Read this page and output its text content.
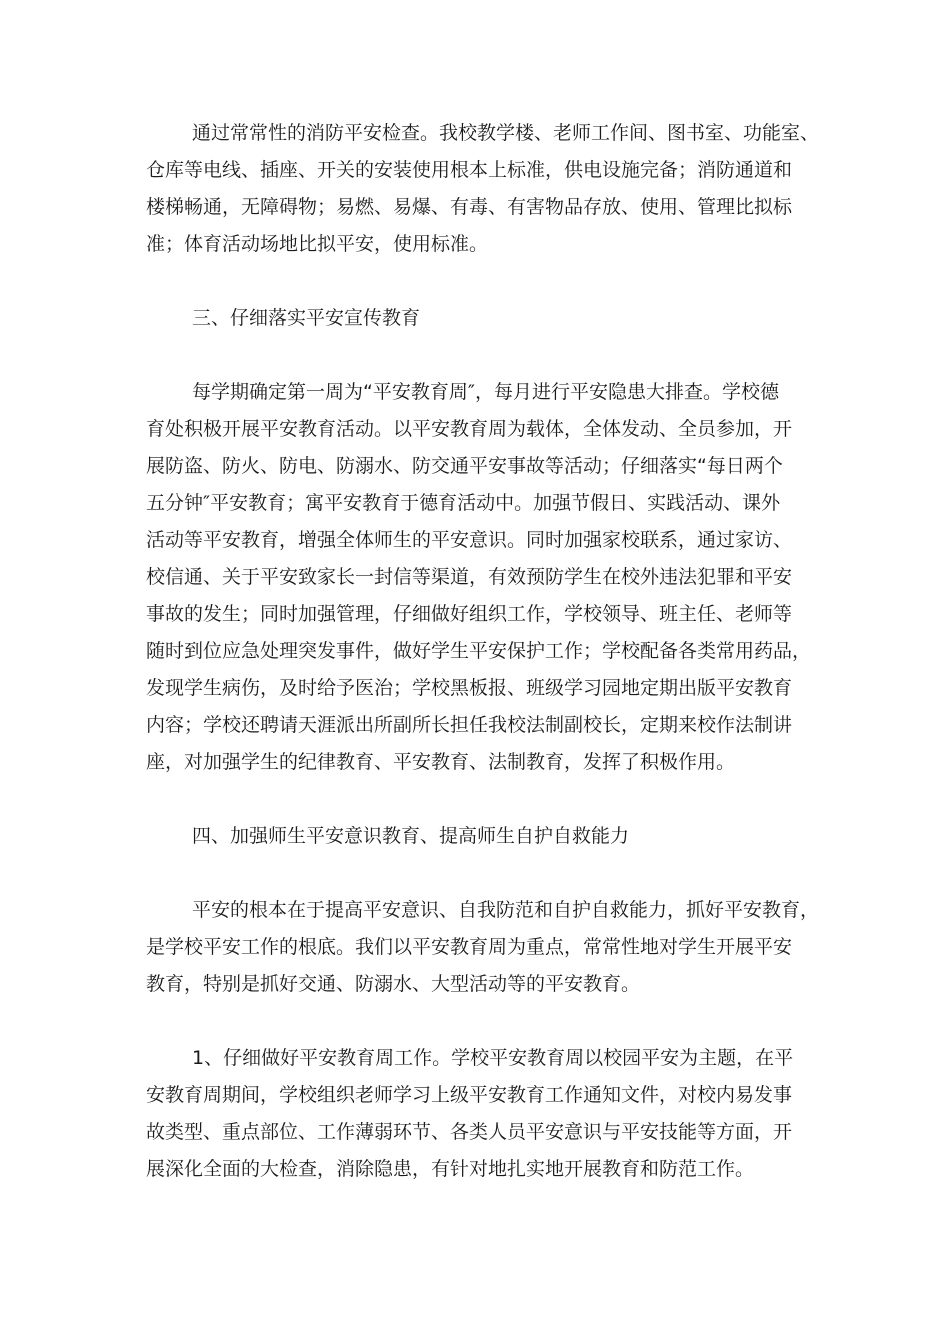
通过常常性的消防平安检查。我校教学楼、老师工作间、图书室、功能室、
仓库等电线、插座、开关的安装使用根本上标准，供电设施完备；消防通道和
楼梯畅通，无障碍物；易燃、易爆、有毒、有害物品存放、使用、管理比拟标
准；体育活动场地比拟平安，使用标准。

三、仔细落实平安宣传教育

每学期确定第一周为“平安教育周″，每月进行平安隐患大排查。学校德
育处积极开展平安教育活动。以平安教育周为载体，全体发动、全员参加，开
展防盗、防火、防电、防溺水、防交通平安事故等活动；仔细落实“每日两个
五分钟″平安教育；寓平安教育于德育活动中。加强节假日、实践活动、课外
活动等平安教育，增强全体师生的平安意识。同时加强家校联系，通过家访、
校信通、关于平安致家长一封信等渠道，有效预防学生在校外违法犯罪和平安
事故的发生；同时加强管理，仔细做好组织工作，学校领导、班主任、老师等
随时到位应急处理突发事件，做好学生平安保护工作；学校配备各类常用药品，
发现学生病伤，及时给予医治；学校黑板报、班级学习园地定期出版平安教育
内容；学校还聘请天涯派出所副所长担任我校法制副校长，定期来校作法制讲
座，对加强学生的纪律教育、平安教育、法制教育，发挥了积极作用。

四、加强师生平安意识教育、提高师生自护自救能力

平安的根本在于提高平安意识、自我防范和自护自救能力，抓好平安教育，
是学校平安工作的根底。我们以平安教育周为重点，常常性地对学生开展平安
教育，特别是抓好交通、防溺水、大型活动等的平安教育。

1、仔细做好平安教育周工作。学校平安教育周以校园平安为主题，在平
安教育周期间，学校组织老师学习上级平安教育工作通知文件，对校内易发事
故类型、重点部位、工作薄弱环节、各类人员平安意识与平安技能等方面，开
展深化全面的大检查，消除隐患，有针对地扎实地开展教育和防范工作。
